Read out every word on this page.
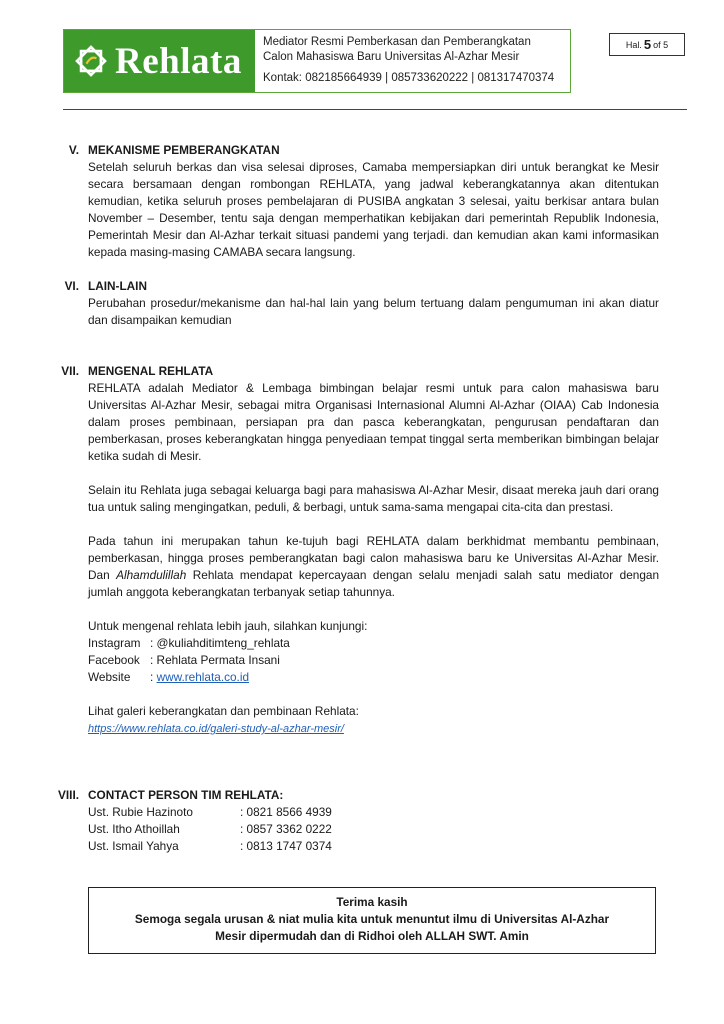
Rehlata Mediator Resmi Pemberkasan dan Pemberangkatan
Calon Mahasiswa Baru Universitas Al-Azhar Mesir
Kontak: 082185664939 | 085733620222 | 081317470374
Hal. 5 of 5
V. MEKANISME PEMBERANGKATAN
Setelah seluruh berkas dan visa selesai diproses, Camaba mempersiapkan diri untuk berangkat ke Mesir secara bersamaan dengan rombongan REHLATA, yang jadwal keberangkatannya akan ditentukan kemudian, ketika seluruh proses pembelajaran di PUSIBA angkatan 3 selesai, yaitu berkisar antara bulan November – Desember, tentu saja dengan memperhatikan kebijakan dari pemerintah Republik Indonesia, Pemerintah Mesir dan Al-Azhar terkait situasi pandemi yang terjadi. dan kemudian akan kami informasikan kepada masing-masing CAMABA secara langsung.
VI. LAIN-LAIN
Perubahan prosedur/mekanisme dan hal-hal lain yang belum tertuang dalam pengumuman ini akan diatur dan disampaikan kemudian
VII. MENGENAL REHLATA
REHLATA adalah Mediator & Lembaga bimbingan belajar resmi untuk para calon mahasiswa baru Universitas Al-Azhar Mesir, sebagai mitra Organisasi Internasional Alumni Al-Azhar (OIAA) Cab Indonesia dalam proses pembinaan, persiapan pra dan pasca keberangkatan, pengurusan pendaftaran dan pemberkasan, proses keberangkatan hingga penyediaan tempat tinggal serta memberikan bimbingan belajar ketika sudah di Mesir.
Selain itu Rehlata juga sebagai keluarga bagi para mahasiswa Al-Azhar Mesir, disaat mereka jauh dari orang tua untuk saling mengingatkan, peduli, & berbagi, untuk sama-sama mengapai cita-cita dan prestasi.
Pada tahun ini merupakan tahun ke-tujuh bagi REHLATA dalam berkhidmat membantu pembinaan, pemberkasan, hingga proses pemberangkatan bagi calon mahasiswa baru ke Universitas Al-Azhar Mesir. Dan Alhamdulillah Rehlata mendapat kepercayaan dengan selalu menjadi salah satu mediator dengan jumlah anggota keberangkatan terbanyak setiap tahunnya.
Untuk mengenal rehlata lebih jauh, silahkan kunjungi:
Instagram : @kuliahditimteng_rehlata
Facebook : Rehlata Permata Insani
Website	: www.rehlata.co.id
Lihat galeri keberangkatan dan pembinaan Rehlata:
https://www.rehlata.co.id/galeri-study-al-azhar-mesir/
VIII. CONTACT PERSON TIM REHLATA:
Ust. Rubie Hazinoto	: 0821 8566 4939
Ust. Itho Athoillah	: 0857 3362 0222
Ust. Ismail Yahya	: 0813 1747 0374
Terima kasih
Semoga segala urusan & niat mulia kita untuk menuntut ilmu di Universitas Al-Azhar
Mesir dipermudah dan di Ridhoi oleh ALLAH SWT. Amin
